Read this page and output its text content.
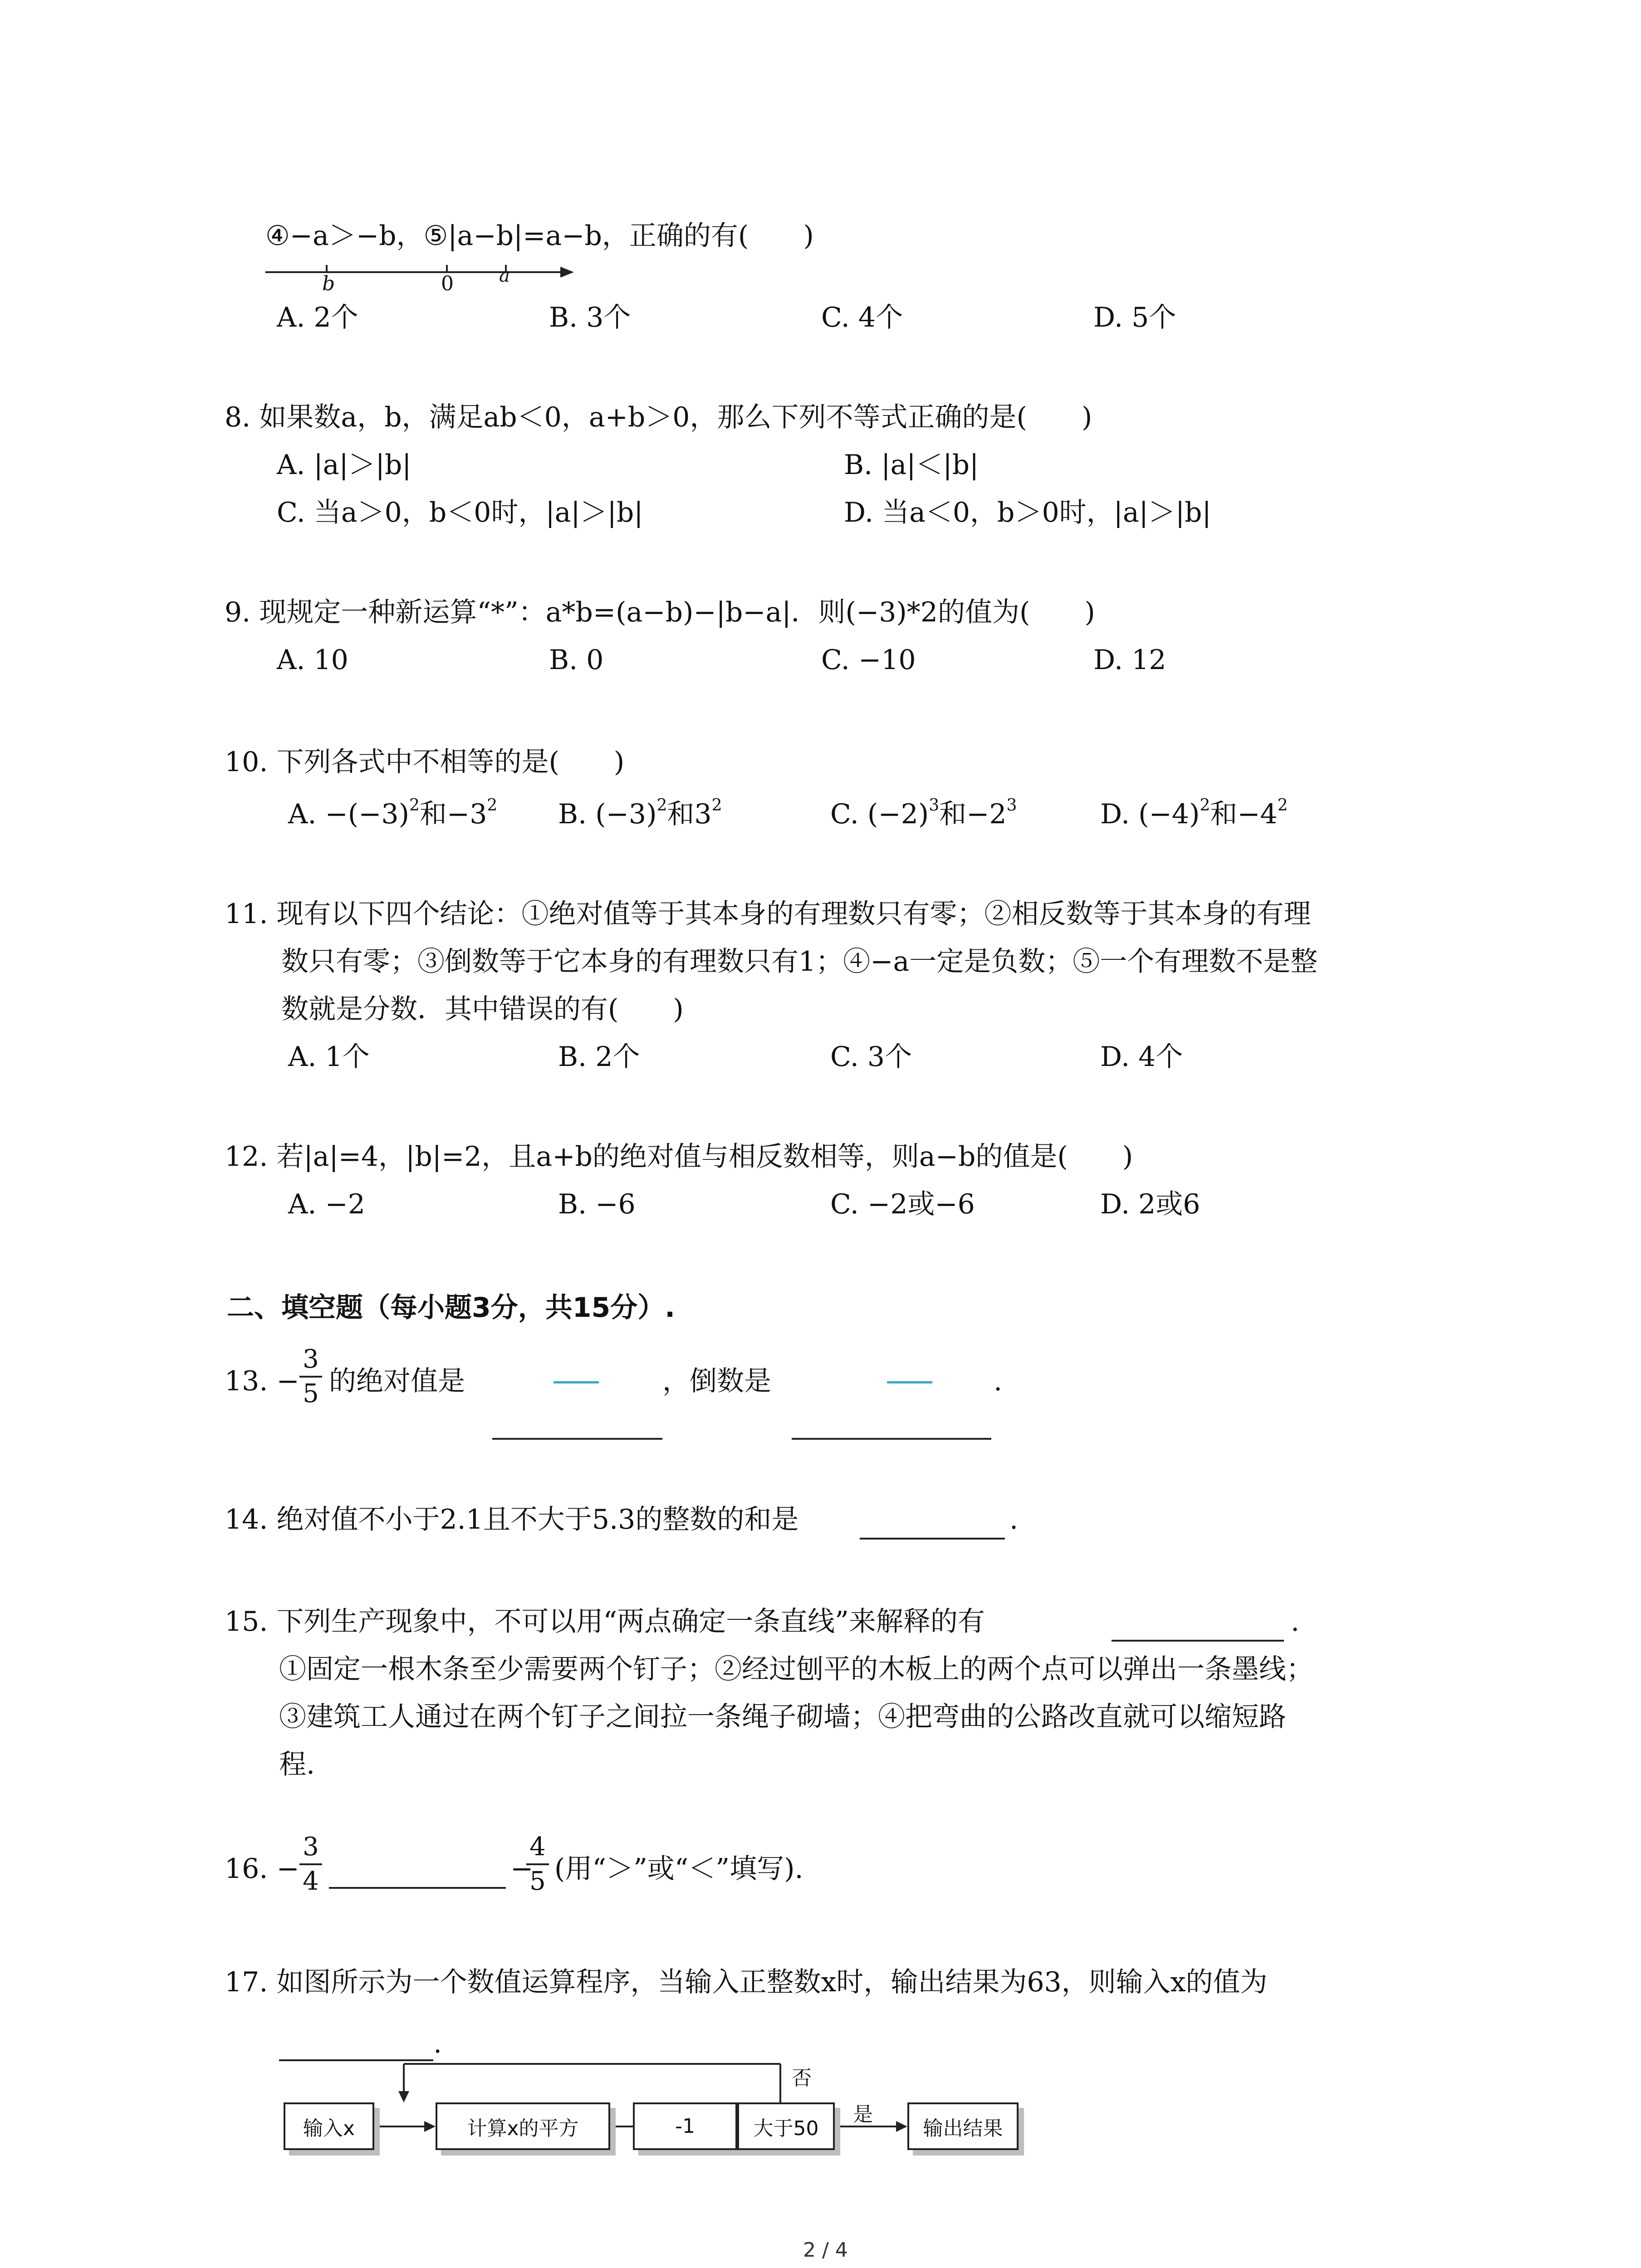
④−a＞−b，⑤|a−b|=a−b，正确的有(　　)
b	0	a
A. 2个	B. 3个	C. 4个	D. 5个
8. 如果数a，b，满足ab＜0，a+b＞0，那么下列不等式正确的是(　　)
A. |a|＞|b|	B. |a|＜|b|
C. 当a＞0，b＜0时，|a|＞|b|	D. 当a＜0，b＞0时，|a|＞|b|
9. 现规定一种新运算“*”：a*b=(a−b)−|b−a|．则(−3)*2的值为(　　)
A. 10	B. 0	C. −10	D. 12
10. 下列各式中不相等的是(　　)
A. $-(-3)^2$和$-3^2$ B. $(-3)^2$和$3^2$	C. $(-2)^3$和$-2^3$	D. $(-4)^2$和$-4^2$
11. 现有以下四个结论：①绝对值等于其本身的有理数只有零；②相反数等于其本身的有理
数只有零；③倒数等于它本身的有理数只有1；④−a一定是负数；⑤一个有理数不是整
数就是分数．其中错误的有(　　)
A. 1个	B. 2个	C. 3个	D. 4个
12. 若|a|=4，|b|=2，且a+b的绝对值与相反数相等，则a−b的值是(　　)
A. −2	B. −6	C. −2或−6	D. 2或6
二、填空题（每小题3分，共15分）.
13. −
3
5 的绝对值是	，倒数是	.
14. 绝对值不小于2.1且不大于5.3的整数的和是	.
15. 下列生产现象中，不可以用“两点确定一条直线”来解释的有	.
①固定一根木条至少需要两个钉子；②经过刨平的木板上的两个点可以弹出一条墨线；
③建筑工人通过在两个钉子之间拉一条绳子砌墙；④把弯曲的公路改直就可以缩短路
程.
16. −
3
4	−
4
5 (用“＞”或“＜”填写).
17. 如图所示为一个数值运算程序，当输入正整数x时，输出结果为63，则输入x的值为
.
输入x	计算x的平方	-1	大于50	输出结果
否
是
2 / 4
